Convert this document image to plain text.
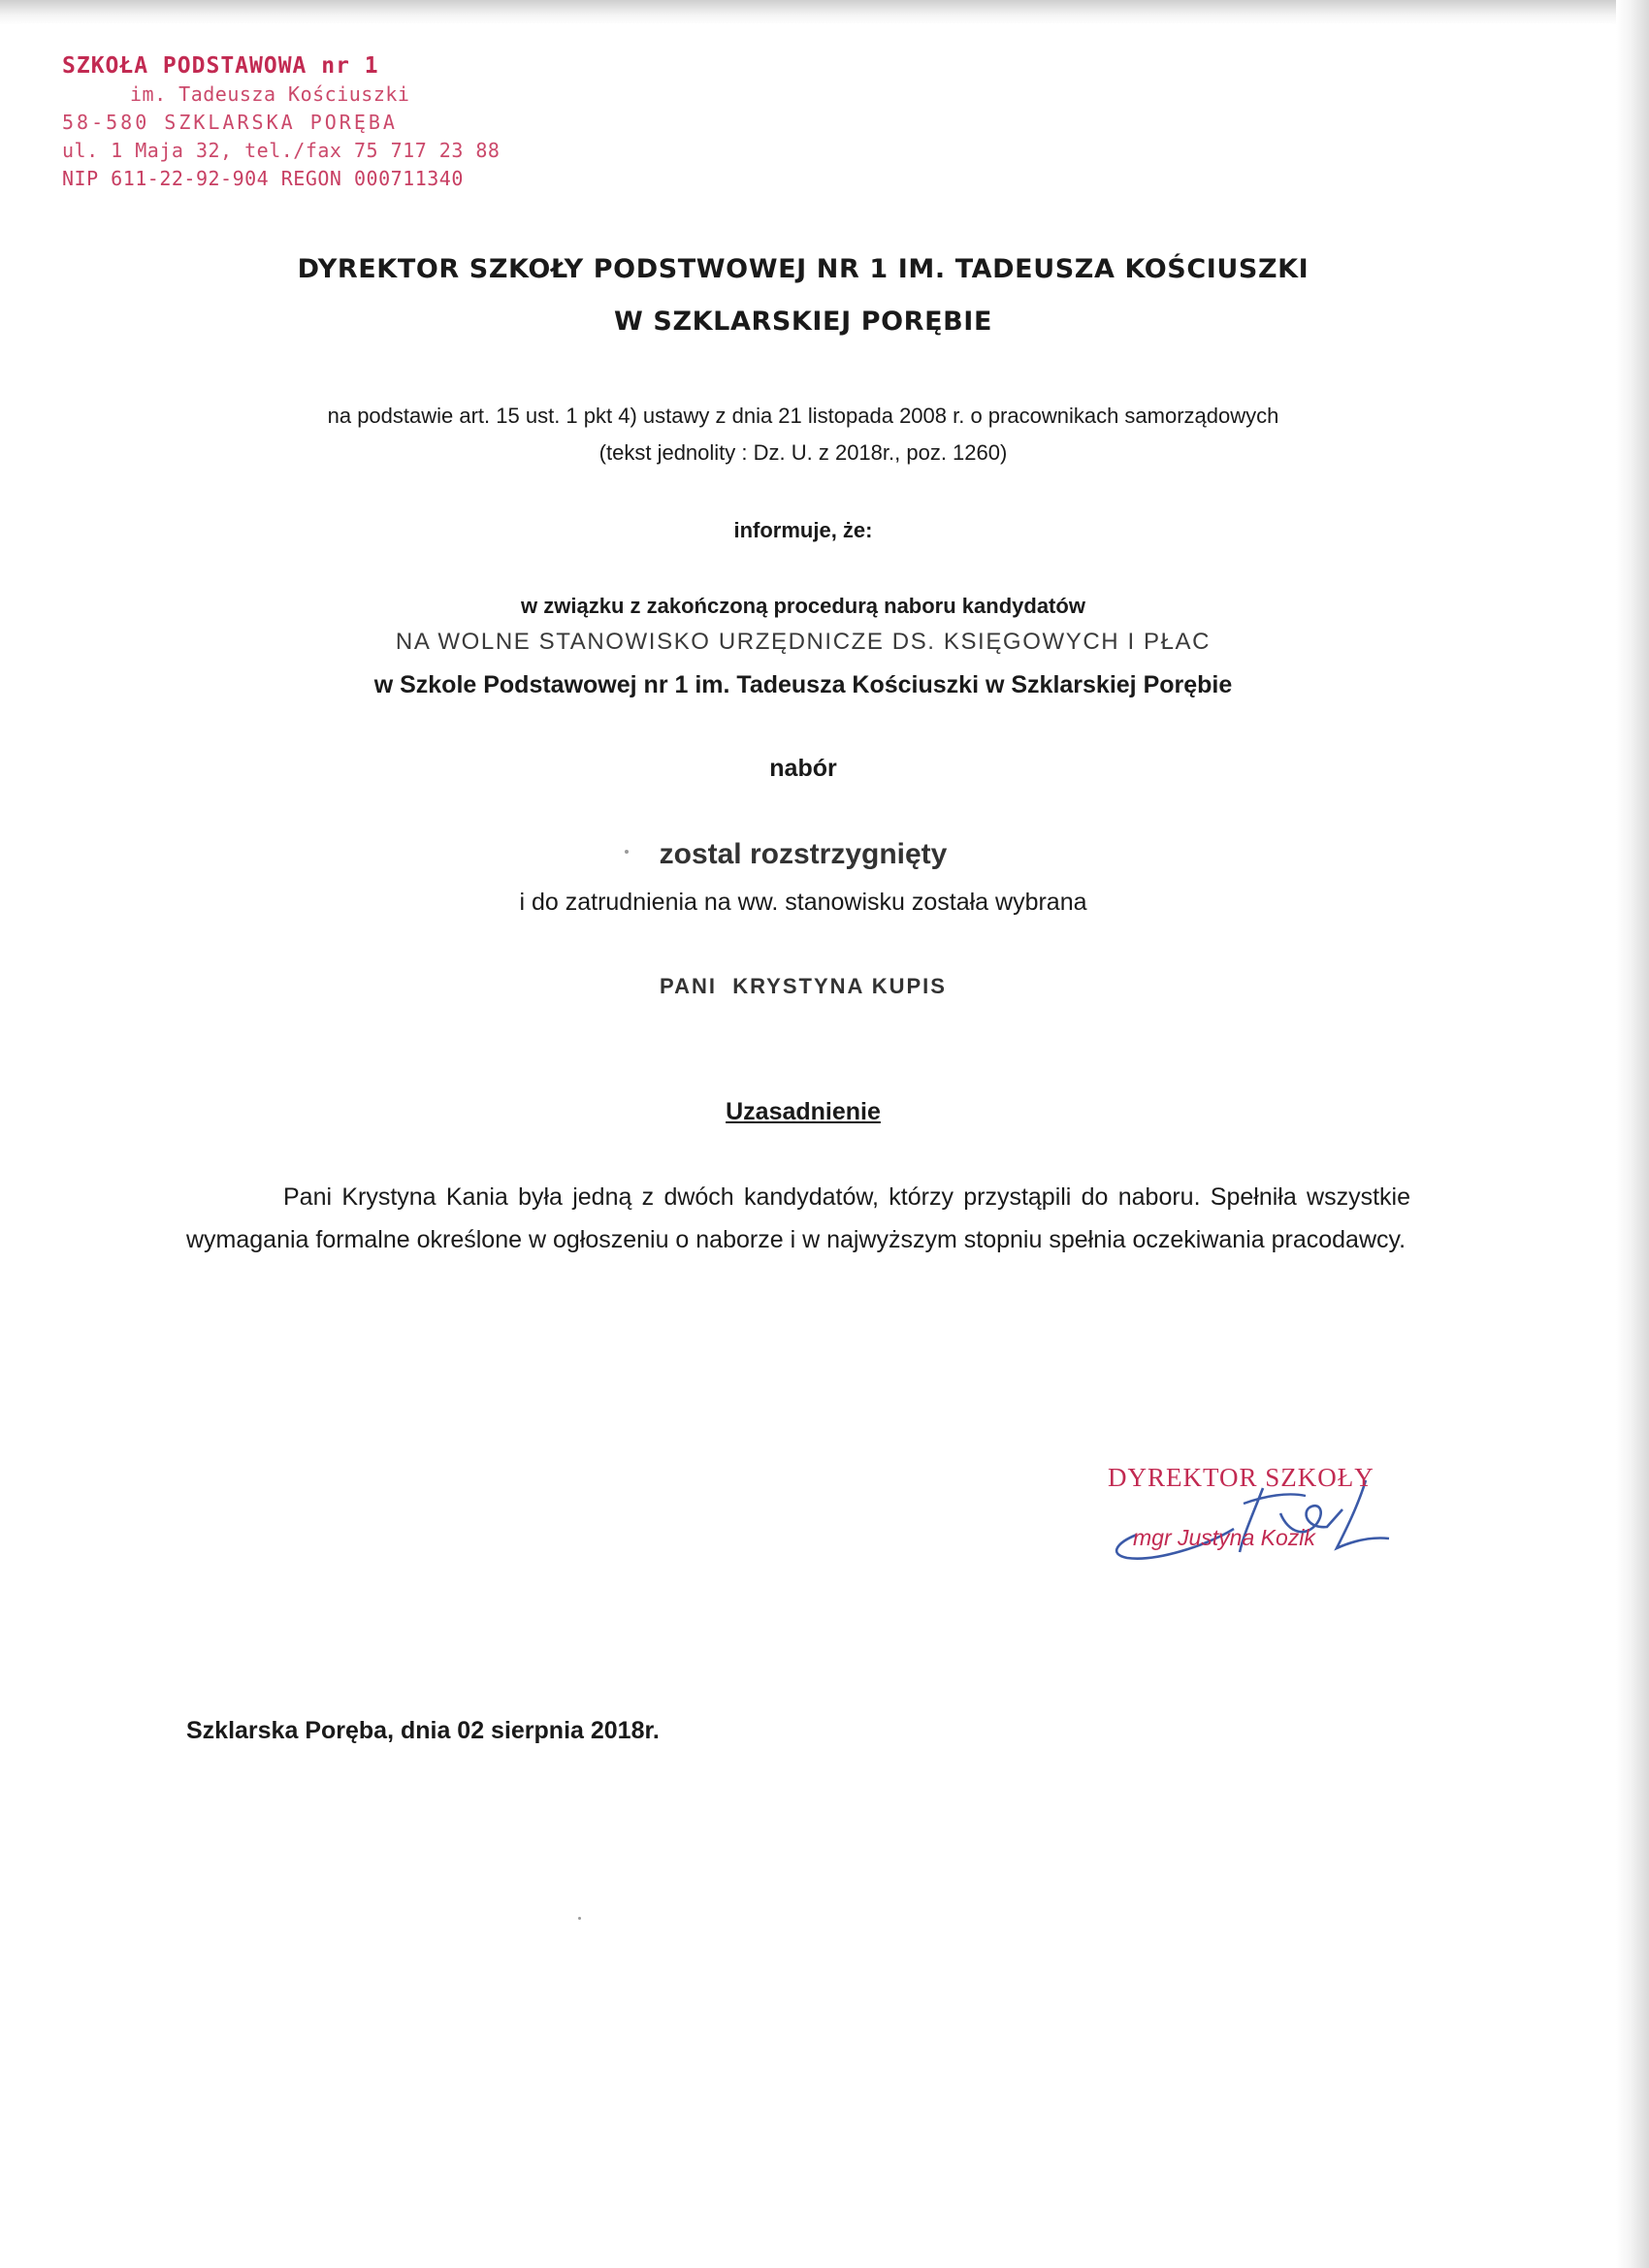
SZKOŁA PODSTAWOWA nr 1
im. Tadeusza Kościuszki
58-580 SZKLARSKA PORĘBA
ul. 1 Maja 32, tel./fax 75 717 23 88
NIP 611-22-92-904 REGON 000711340
DYREKTOR SZKOŁY PODSTWOWEJ NR 1 IM. TADEUSZA KOŚCIUSZKI
W SZKLARSKIEJ PORĘBIE
na podstawie art. 15 ust. 1 pkt 4) ustawy z dnia 21 listopada 2008 r. o pracownikach samorządowych
(tekst jednolity : Dz. U. z 2018r., poz. 1260)
informuje, że:
w związku z zakończoną procedurą naboru kandydatów
NA WOLNE STANOWISKO URZĘDNICZE DS. KSIĘGOWYCH I PŁAC
w Szkole Podstawowej nr 1 im. Tadeusza Kościuszki w Szklarskiej Porębie
nabór
zostal rozstrzygnięty
i do zatrudnienia na ww. stanowisku została wybrana
PANI  KRYSTYNA KUPIS
Uzasadnienie
Pani Krystyna Kania była jedną z dwóch kandydatów, którzy przystąpili do naboru. Spełniła wszystkie wymagania formalne określone w ogłoszeniu o naborze i w najwyższym stopniu spełnia oczekiwania pracodawcy.
DYREKTOR SZKOŁY
mgr Justyna Kozik
Szklarska Poręba, dnia 02 sierpnia 2018r.
